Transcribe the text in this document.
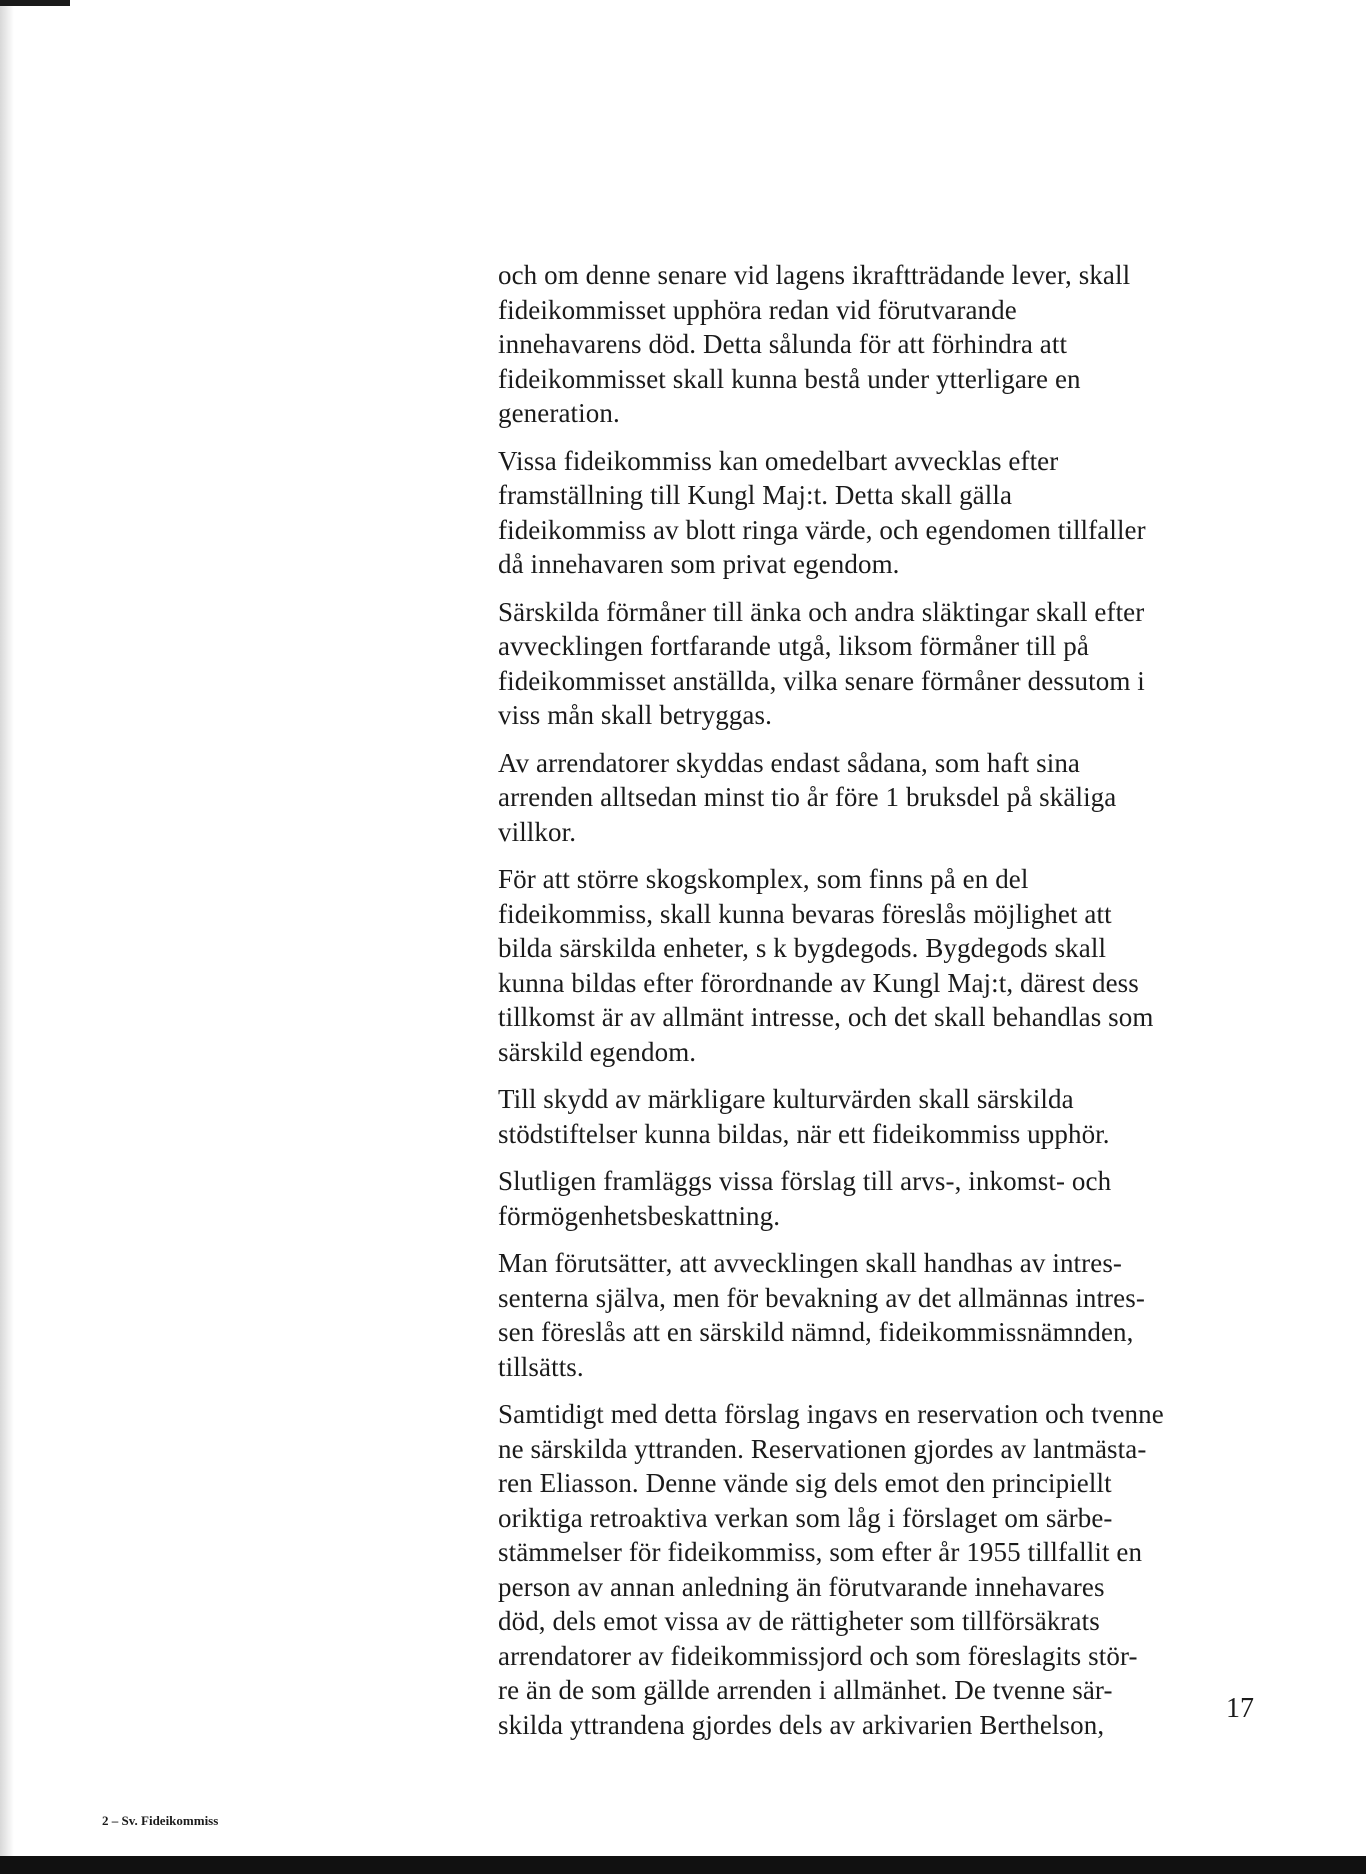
och om denne senare vid lagens ikraftträdande lever, skall
fideikommisset upphöra redan vid förutvarande
innehavarens död. Detta sålunda för att förhindra att
fideikommisset skall kunna bestå under ytterligare en
generation.

Vissa fideikommiss kan omedelbart avvecklas efter
framställning till Kungl Maj:t. Detta skall gälla
fideikommiss av blott ringa värde, och egendomen tillfaller
då innehavaren som privat egendom.

Särskilda förmåner till änka och andra släktingar skall efter
avvecklingen fortfarande utgå, liksom förmåner till på
fideikommisset anställda, vilka senare förmåner dessutom i
viss mån skall betryggas.

Av arrendatorer skyddas endast sådana, som haft sina
arrenden alltsedan minst tio år före 1 bruksdel på skäliga
villkor.

För att större skogskomplex, som finns på en del
fideikommiss, skall kunna bevaras föreslås möjlighet att
bilda särskilda enheter, s k bygdegods. Bygdegods skall
kunna bildas efter förordnande av Kungl Maj:t, därest dess
tillkomst är av allmänt intresse, och det skall behandlas som
särskild egendom.

Till skydd av märkligare kulturvärden skall särskilda
stödstiftelser kunna bildas, när ett fideikommiss upphör.

Slutligen framläggs vissa förslag till arvs-, inkomst- och
förmögenhetsbeskattning.

Man förutsätter, att avvecklingen skall handhas av intres-
senterna själva, men för bevakning av det allmännas intres-
sen föreslås att en särskild nämnd, fideikommissnämnden,
tillsätts.

Samtidigt med detta förslag ingavs en reservation och tvenne
ne särskilda yttranden. Reservationen gjordes av lantmästa-
ren Eliasson. Denne vände sig dels emot den principiellt
oriktiga retroaktiva verkan som låg i förslaget om särbe-
stämmelser för fideikommiss, som efter år 1955 tillfallit en
person av annan anledning än förutvarande innehavares
död, dels emot vissa av de rättigheter som tillförsäkrats
arrendatorer av fideikommissjord och som föreslagits stör-
re än de som gällde arrenden i allmänhet. De tvenne sär-
skilda yttrandena gjordes dels av arkivarien Berthelson,

17
2 – Sv. Fideikommiss
